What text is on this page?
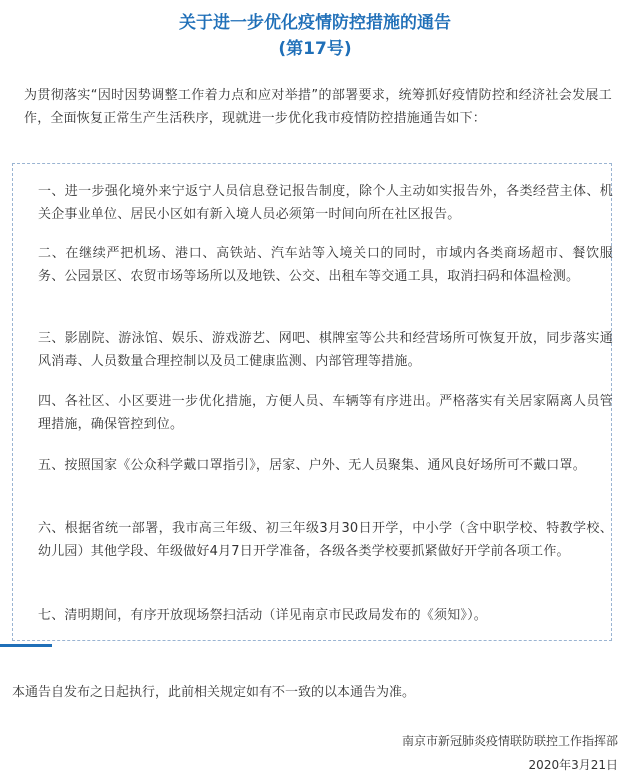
关于进一步优化疫情防控措施的通告
(第17号)
为贯彻落实“因时因势调整工作着力点和应对举措”的部署要求，统筹抓好疫情防控和经济社会发展工作，全面恢复正常生产生活秩序，现就进一步优化我市疫情防控措施通告如下：
一、进一步强化境外来宁返宁人员信息登记报告制度，除个人主动如实报告外，各类经营主体、机关企事业单位、居民小区如有新入境人员必须第一时间向所在社区报告。
二、在继续严把机场、港口、高铁站、汽车站等入境关口的同时，市域内各类商场超市、餐饮服务、公园景区、农贸市场等场所以及地铁、公交、出租车等交通工具，取消扫码和体温检测。
三、影剧院、游泳馆、娱乐、游戏游艺、网吧、棋牌室等公共和经营场所可恢复开放，同步落实通风消毒、人员数量合理控制以及员工健康监测、内部管理等措施。
四、各社区、小区要进一步优化措施，方便人员、车辆等有序进出。严格落实有关居家隔离人员管理措施，确保管控到位。
五、按照国家《公众科学戴口罩指引》，居家、户外、无人员聚集、通风良好场所可不戴口罩。
六、根据省统一部署，我市高三年级、初三年级3月30日开学，中小学（含中职学校、特教学校、幼儿园）其他学段、年级做好4月7日开学准备，各级各类学校要抓紧做好开学前各项工作。
七、清明期间，有序开放现场祭扫活动（详见南京市民政局发布的《须知》）。
本通告自发布之日起执行，此前相关规定如有不一致的以本通告为准。
南京市新冠肺炎疫情联防联控工作指挥部
2020年3月21日
